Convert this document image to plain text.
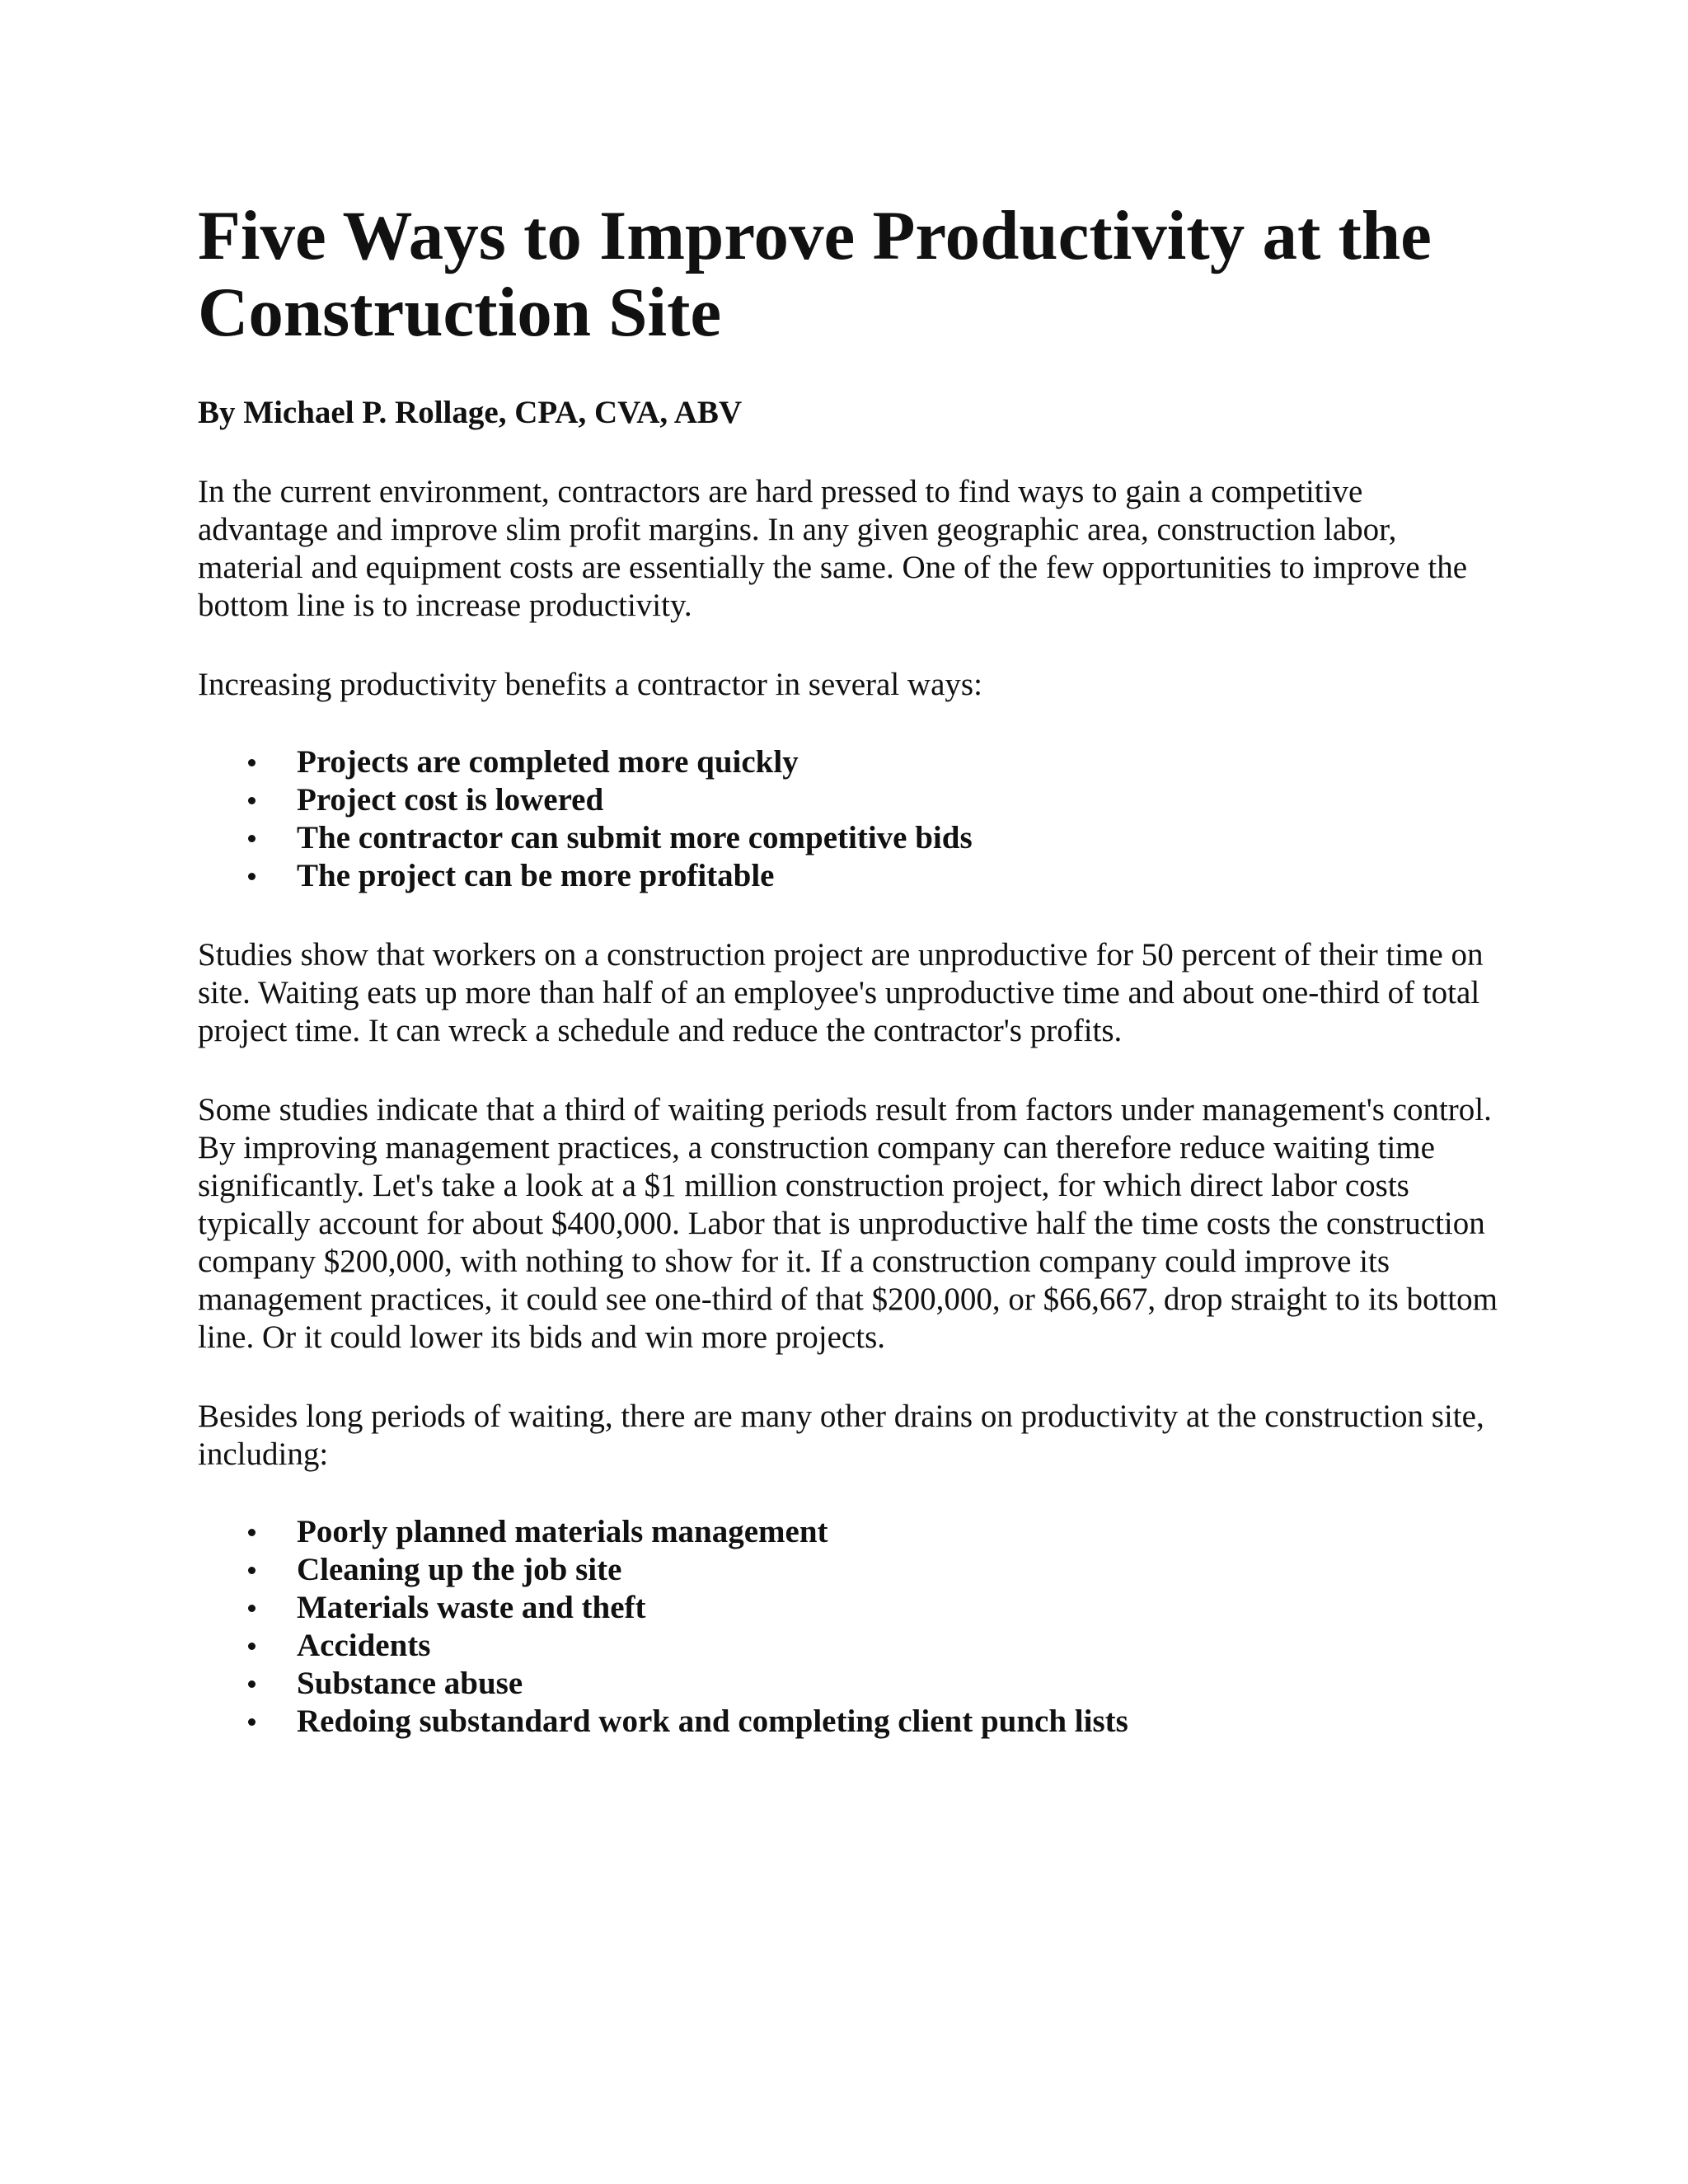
Five Ways to Improve Productivity at the Construction Site

By Michael P. Rollage, CPA, CVA, ABV

In the current environment, contractors are hard pressed to find ways to gain a competitive advantage and improve slim profit margins. In any given geographic area, construction labor, material and equipment costs are essentially the same. One of the few opportunities to improve the bottom line is to increase productivity.

Increasing productivity benefits a contractor in several ways:

Projects are completed more quickly
Project cost is lowered
The contractor can submit more competitive bids
The project can be more profitable

Studies show that workers on a construction project are unproductive for 50 percent of their time on site. Waiting eats up more than half of an employee's unproductive time and about one-third of total project time. It can wreck a schedule and reduce the contractor's profits.

Some studies indicate that a third of waiting periods result from factors under management's control. By improving management practices, a construction company can therefore reduce waiting time significantly. Let's take a look at a $1 million construction project, for which direct labor costs typically account for about $400,000. Labor that is unproductive half the time costs the construction company $200,000, with nothing to show for it. If a construction company could improve its management practices, it could see one-third of that $200,000, or $66,667, drop straight to its bottom line. Or it could lower its bids and win more projects.

Besides long periods of waiting, there are many other drains on productivity at the construction site, including:

Poorly planned materials management
Cleaning up the job site
Materials waste and theft
Accidents
Substance abuse
Redoing substandard work and completing client punch lists
